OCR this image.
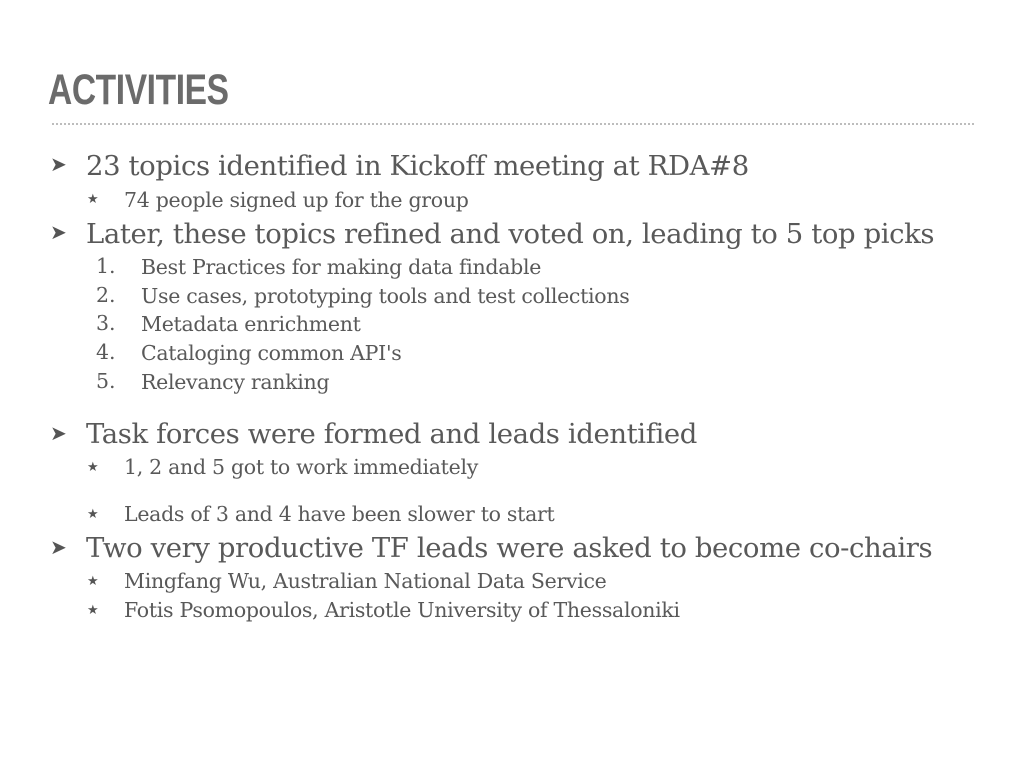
ACTIVITIES
➤ 23 topics identified in Kickoff meeting at RDA#8
★ 74 people signed up for the group
➤ Later, these topics refined and voted on, leading to 5 top picks
1. Best Practices for making data findable
2. Use cases, prototyping tools and test collections
3. Metadata enrichment
4. Cataloging common API's
5. Relevancy ranking
➤ Task forces were formed and leads identified
★ 1, 2 and 5 got to work immediately
★ Leads of 3 and 4 have been slower to start
➤ Two very productive TF leads were asked to become co-chairs
★ Mingfang Wu, Australian National Data Service
★ Fotis Psomopoulos, Aristotle University of Thessaloniki
